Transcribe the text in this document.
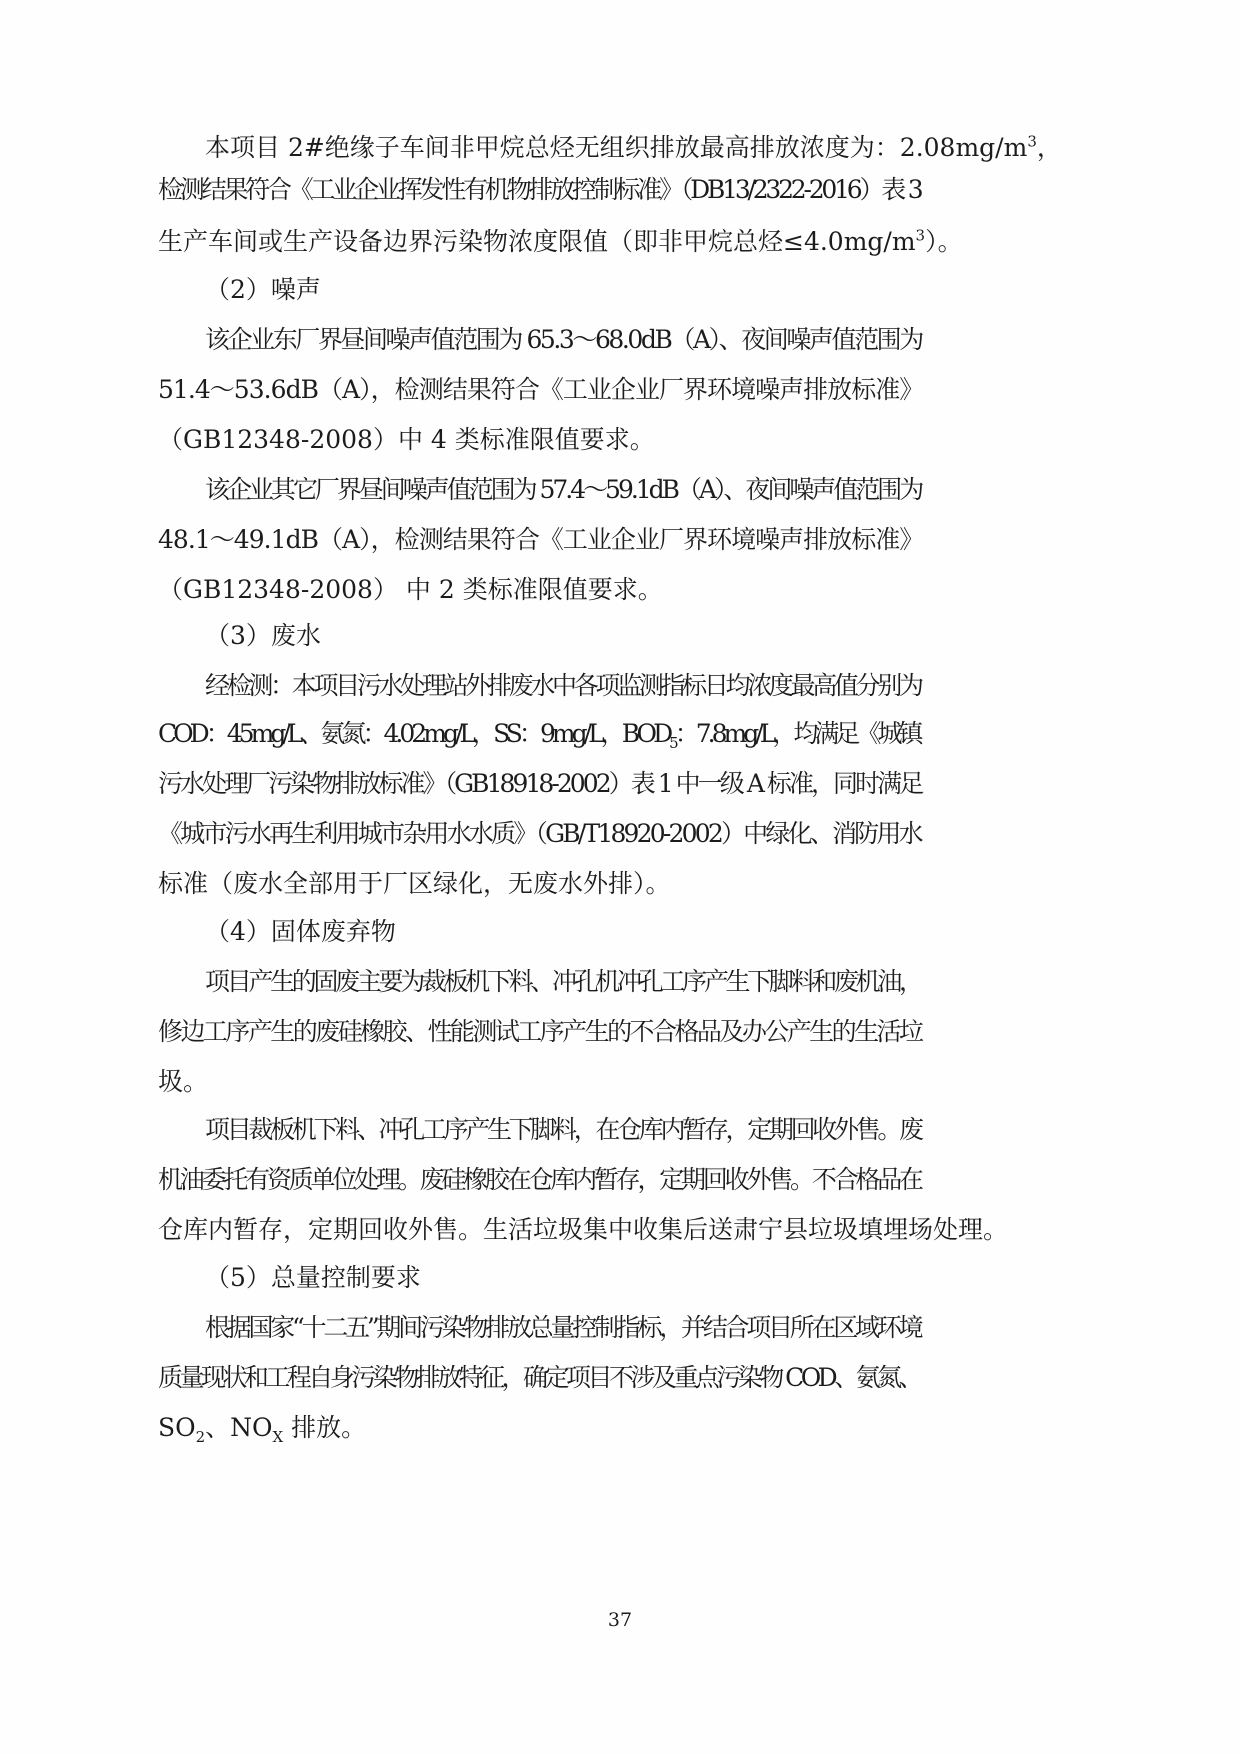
本项目 2#绝缘子车间非甲烷总烃无组织排放最高排放浓度为：$2.08mg/m^3$，
检测结果符合《工业企业挥发性有机物排放控制标准》（DB13/2322-2016）表 3
生产车间或生产设备边界污染物浓度限值（即非甲烷总烃$\le 4.0mg/m^3$）。
（2）噪声
该企业东厂界昼间噪声值范围为 65.3～68.0dB（A）、夜间噪声值范围为
51.4～53.6dB（A），检测结果符合《工业企业厂界环境噪声排放标准》
（GB12348-2008）中 4 类标准限值要求。
该企业其它厂界昼间噪声值范围为 57.4～59.1dB（A）、夜间噪声值范围为
48.1～49.1dB（A），检测结果符合《工业企业厂界环境噪声排放标准》
（GB12348-2008） 中 2 类标准限值要求。
（3）废水
经检测：本项目污水处理站外排废水中各项监测指标日均浓度最高值分别为
COD：45mg/L、氨氮：4.02mg/L，SS：9mg/L，$BOD_5$：7.8mg/L，均满足《城镇
污水处理厂污染物排放标准》（GB18918-2002）表 1 中一级 A 标准，同时满足
《城市污水再生利用城市杂用水水质》（GB/T18920-2002）中绿化、消防用水
标准（废水全部用于厂区绿化，无废水外排）。
（4）固体废弃物
项目产生的固废主要为裁板机下料、冲孔机冲孔工序产生下脚料和废机油，
修边工序产生的废硅橡胶、性能测试工序产生的不合格品及办公产生的生活垃
圾。
项目裁板机下料、冲孔工序产生下脚料，在仓库内暂存，定期回收外售。废
机油委托有资质单位处理。废硅橡胶在仓库内暂存，定期回收外售。不合格品在
仓库内暂存，定期回收外售。生活垃圾集中收集后送肃宁县垃圾填埋场处理。
（5）总量控制要求
根据国家“十二五”期间污染物排放总量控制指标，并结合项目所在区域环境
质量现状和工程自身污染物排放特征，确定项目不涉及重点污染物 COD、氨氮、
$SO_2$、$NO_X$ 排放。
37
